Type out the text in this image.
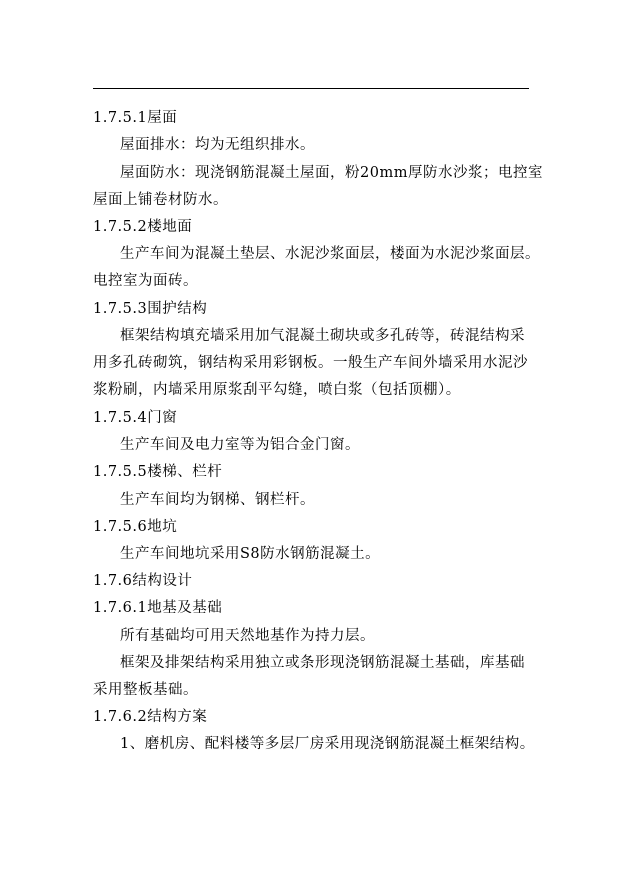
1.7.5.1屋面
屋面排水：均为无组织排水。
屋面防水：现浇钢筋混凝土屋面，粉20mm厚防水沙浆；电控室
屋面上铺卷材防水。
1.7.5.2楼地面
生产车间为混凝土垫层、水泥沙浆面层，楼面为水泥沙浆面层。
电控室为面砖。
1.7.5.3围护结构
框架结构填充墙采用加气混凝土砌块或多孔砖等，砖混结构采
用多孔砖砌筑，钢结构采用彩钢板。一般生产车间外墙采用水泥沙
浆粉刷，内墙采用原浆刮平勾缝，喷白浆（包括顶棚）。
1.7.5.4门窗
生产车间及电力室等为铝合金门窗。
1.7.5.5楼梯、栏杆
生产车间均为钢梯、钢栏杆。
1.7.5.6地坑
生产车间地坑采用S8防水钢筋混凝土。
1.7.6结构设计
1.7.6.1地基及基础
所有基础均可用天然地基作为持力层。
框架及排架结构采用独立或条形现浇钢筋混凝土基础，库基础
采用整板基础。
1.7.6.2结构方案
1、磨机房、配料楼等多层厂房采用现浇钢筋混凝土框架结构。
